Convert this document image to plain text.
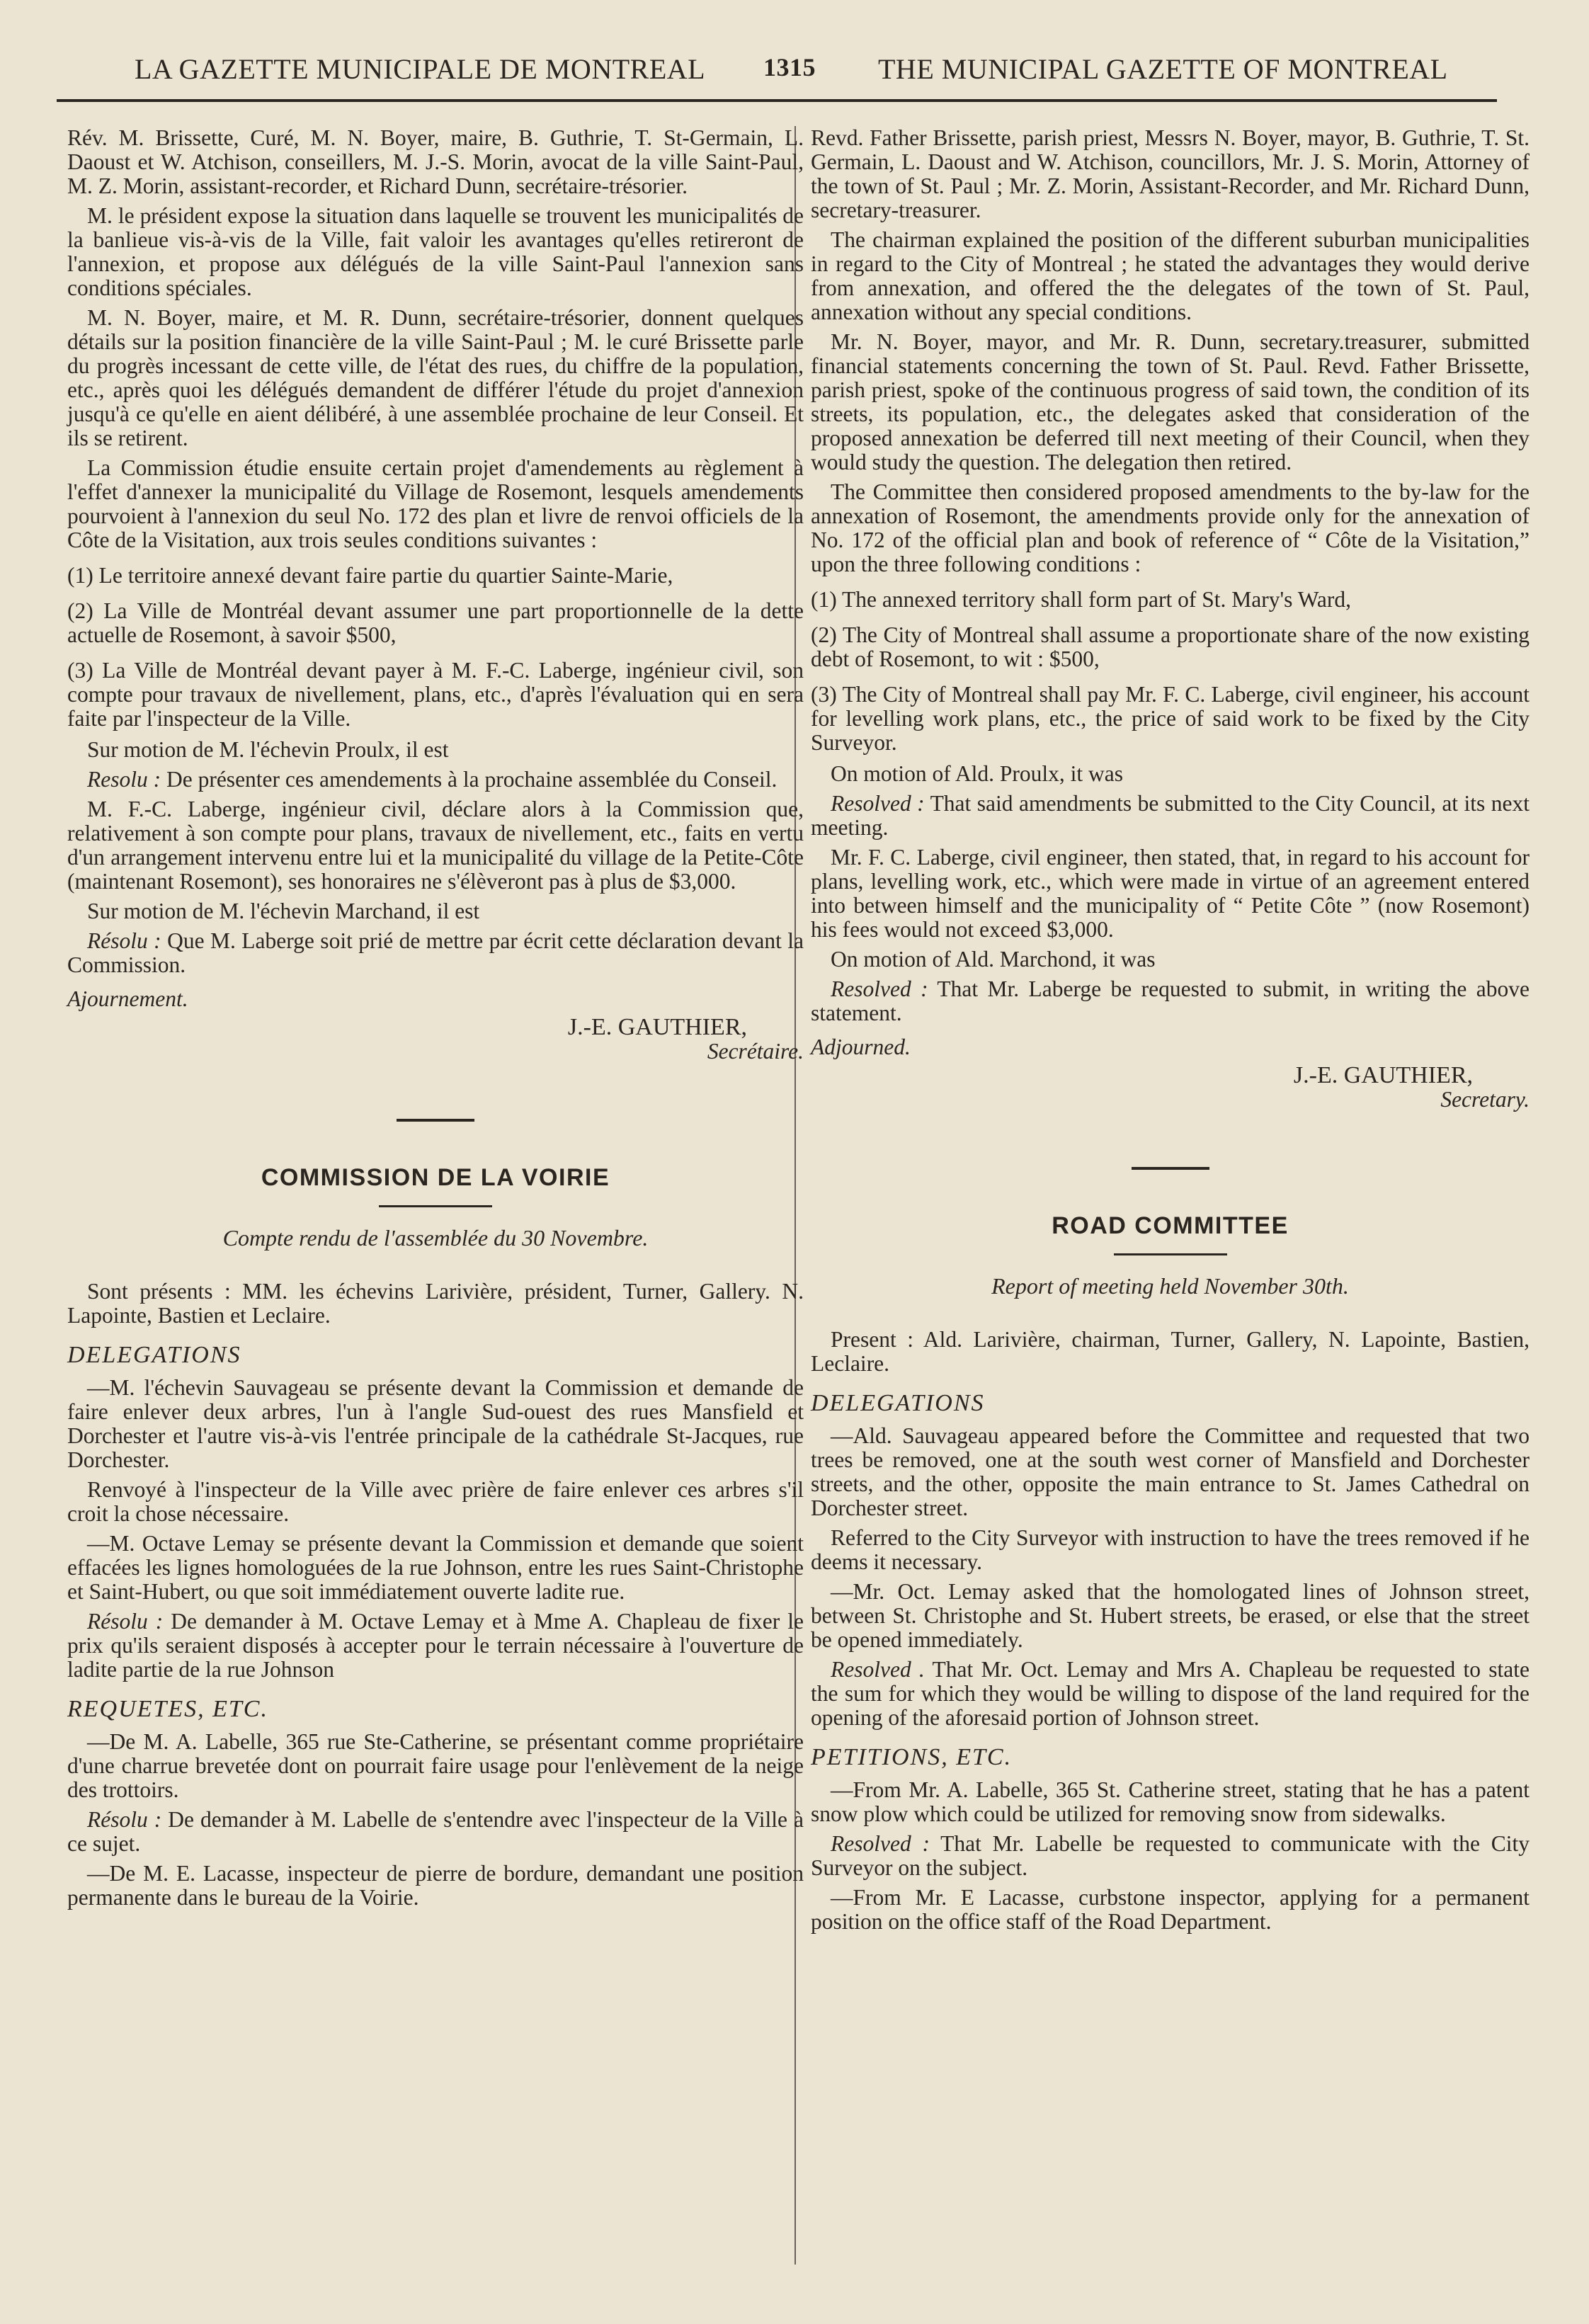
LA GAZETTE MUNICIPALE DE MONTREAL 1315 THE MUNICIPAL GAZETTE OF MONTREAL

Rév. M. Brissette, Curé, M. N. Boyer, maire, B. Guthrie, T. St-Germain, L. Daoust et W. Atchison, conseillers, M. J.-S. Morin, avocat de la ville Saint-Paul, M. Z. Morin, assistant-recorder, et Richard Dunn, secrétaire-trésorier.

M. le président expose la situation dans laquelle se trouvent les municipalités de la banlieue vis-à-vis de la Ville, fait valoir les avantages qu'elles retireront de l'annexion, et propose aux délégués de la ville Saint-Paul l'annexion sans conditions spéciales.

M. N. Boyer, maire, et M. R. Dunn, secrétaire-trésorier, donnent quelques détails sur la position financière de la ville Saint-Paul ; M. le curé Brissette parle du progrès incessant de cette ville, de l'état des rues, du chiffre de la population, etc., après quoi les délégués demandent de différer l'étude du projet d'annexion jusqu'à ce qu'elle en aient délibéré, à une assemblée prochaine de leur Conseil. Et ils se retirent.

La Commission étudie ensuite certain projet d'amendements au règlement à l'effet d'annexer la municipalité du Village de Rosemont, lesquels amendements pourvoient à l'annexion du seul No. 172 des plan et livre de renvoi officiels de la Côte de la Visitation, aux trois seules conditions suivantes :

(1) Le territoire annexé devant faire partie du quartier Sainte-Marie,

(2) La Ville de Montréal devant assumer une part proportionnelle de la dette actuelle de Rosemont, à savoir $500,

(3) La Ville de Montréal devant payer à M. F.-C. Laberge, ingénieur civil, son compte pour travaux de nivellement, plans, etc., d'après l'évaluation qui en sera faite par l'inspecteur de la Ville.

Sur motion de M. l'échevin Proulx, il est

Resolu : De présenter ces amendements à la prochaine assemblée du Conseil.

M. F.-C. Laberge, ingénieur civil, déclare alors à la Commission que, relativement à son compte pour plans, travaux de nivellement, etc., faits en vertu d'un arrangement intervenu entre lui et la municipalité du village de la Petite-Côte (maintenant Rosemont), ses honoraires ne s'élèveront pas à plus de $3,000.

Sur motion de M. l'échevin Marchand, il est

Résolu : Que M. Laberge soit prié de mettre par écrit cette déclaration devant la Commission.

Ajournement.

J.-E. GAUTHIER,

Secrétaire.

COMMISSION DE LA VOIRIE

Compte rendu de l'assemblée du 30 Novembre.

Sont présents : MM. les échevins Larivière, président, Turner, Gallery. N. Lapointe, Bastien et Leclaire.

DELEGATIONS

—M. l'échevin Sauvageau se présente devant la Commission et demande de faire enlever deux arbres, l'un à l'angle Sud-ouest des rues Mansfield et Dorchester et l'autre vis-à-vis l'entrée principale de la cathédrale St-Jacques, rue Dorchester.

Renvoyé à l'inspecteur de la Ville avec prière de faire enlever ces arbres s'il croit la chose nécessaire.

—M. Octave Lemay se présente devant la Commission et demande que soient effacées les lignes homologuées de la rue Johnson, entre les rues Saint-Christophe et Saint-Hubert, ou que soit immédiatement ouverte ladite rue.

Résolu : De demander à M. Octave Lemay et à Mme A. Chapleau de fixer le prix qu'ils seraient disposés à accepter pour le terrain nécessaire à l'ouverture de ladite partie de la rue Johnson

REQUETES, ETC.

—De M. A. Labelle, 365 rue Ste-Catherine, se présentant comme propriétaire d'une charrue brevetée dont on pourrait faire usage pour l'enlèvement de la neige des trottoirs.

Résolu : De demander à M. Labelle de s'entendre avec l'inspecteur de la Ville à ce sujet.

—De M. E. Lacasse, inspecteur de pierre de bordure, demandant une position permanente dans le bureau de la Voirie.

Revd. Father Brissette, parish priest, Messrs N. Boyer, mayor, B. Guthrie, T. St. Germain, L. Daoust and W. Atchison, councillors, Mr. J. S. Morin, Attorney of the town of St. Paul ; Mr. Z. Morin, Assistant-Recorder, and Mr. Richard Dunn, secretary-treasurer.

The chairman explained the position of the different suburban municipalities in regard to the City of Montreal ; he stated the advantages they would derive from annexation, and offered the the delegates of the town of St. Paul, annexation without any special conditions.

Mr. N. Boyer, mayor, and Mr. R. Dunn, secretary.treasurer, submitted financial statements concerning the town of St. Paul. Revd. Father Brissette, parish priest, spoke of the continuous progress of said town, the condition of its streets, its population, etc., the delegates asked that consideration of the proposed annexation be deferred till next meeting of their Council, when they would study the question. The delegation then retired.

The Committee then considered proposed amendments to the by-law for the annexation of Rosemont, the amendments provide only for the annexation of No. 172 of the official plan and book of reference of “ Côte de la Visitation,” upon the three following conditions :

(1) The annexed territory shall form part of St. Mary's Ward,

(2) The City of Montreal shall assume a proportionate share of the now existing debt of Rosemont, to wit : $500,

(3) The City of Montreal shall pay Mr. F. C. Laberge, civil engineer, his account for levelling work plans, etc., the price of said work to be fixed by the City Surveyor.

On motion of Ald. Proulx, it was

Resolved : That said amendments be submitted to the City Council, at its next meeting.

Mr. F. C. Laberge, civil engineer, then stated, that, in regard to his account for plans, levelling work, etc., which were made in virtue of an agreement entered into between himself and the municipality of “ Petite Côte ” (now Rosemont) his fees would not exceed $3,000.

On motion of Ald. Marchond, it was

Resolved : That Mr. Laberge be requested to submit, in writing the above statement.

Adjourned.

J.-E. GAUTHIER,

Secretary.

ROAD COMMITTEE

Report of meeting held November 30th.

Present : Ald. Larivière, chairman, Turner, Gallery, N. Lapointe, Bastien, Leclaire.

DELEGATIONS

—Ald. Sauvageau appeared before the Committee and requested that two trees be removed, one at the south west corner of Mansfield and Dorchester streets, and the other, opposite the main entrance to St. James Cathedral on Dorchester street.

Referred to the City Surveyor with instruction to have the trees removed if he deems it necessary.

—Mr. Oct. Lemay asked that the homologated lines of Johnson street, between St. Christophe and St. Hubert streets, be erased, or else that the street be opened immediately.

Resolved . That Mr. Oct. Lemay and Mrs A. Chapleau be requested to state the sum for which they would be willing to dispose of the land required for the opening of the aforesaid portion of Johnson street.

PETITIONS, ETC.

—From Mr. A. Labelle, 365 St. Catherine street, stating that he has a patent snow plow which could be utilized for removing snow from sidewalks.

Resolved : That Mr. Labelle be requested to communicate with the City Surveyor on the subject.

—From Mr. E Lacasse, curbstone inspector, applying for a permanent position on the office staff of the Road Department.
